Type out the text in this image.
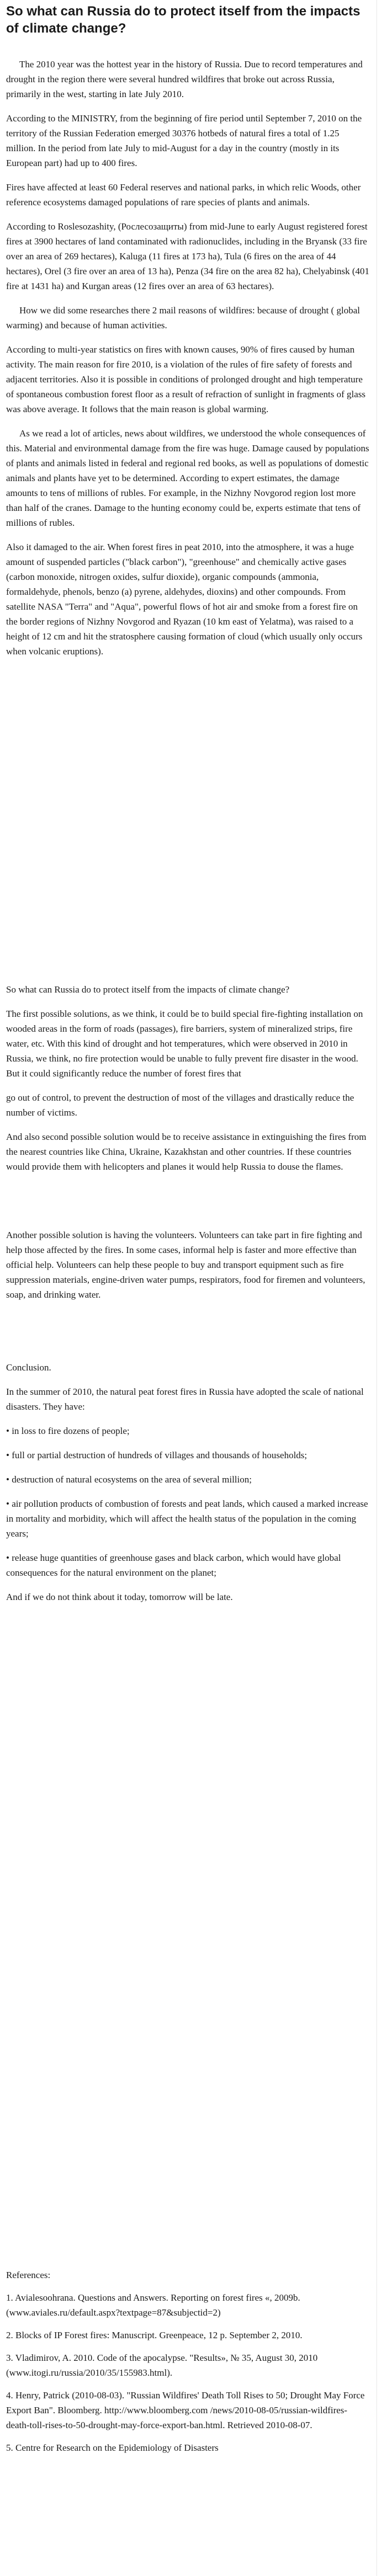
So what can Russia do to protect itself from the impacts of climate change?

The 2010 year was the hottest year in the history of Russia. Due to record temperatures and drought in the region there were several hundred wildfires that broke out across Russia, primarily in the west, starting in late July 2010.

According to the MINISTRY, from the beginning of fire period until September 7, 2010 on the territory of the Russian Federation emerged 30376 hotbeds of natural fires a total of 1.25 million. In the period from late July to mid-August for a day in the country (mostly in its European part) had up to 400 fires.

Fires have affected at least 60 Federal reserves and national parks, in which relic Woods, other reference ecosystems damaged populations of rare species of plants and animals.

According to Roslesozashity, (Рослесозащиты) from mid-June to early August registered forest fires at 3900 hectares of land contaminated with radionuclides, including in the Bryansk (33 fire over an area of 269 hectares), Kaluga (11 fires at 173 ha), Tula (6 fires on the area of 44 hectares), Orel (3 fire over an area of 13 ha), Penza (34 fire on the area 82 ha), Chelyabinsk (401 fire at 1431 ha) and Kurgan areas (12 fires over an area of 63 hectares).

How we did some researches there 2 mail reasons of wildfires: because of drought ( global warming) and because of human activities.

According to multi-year statistics on fires with known causes, 90% of fires caused by human activity. The main reason for fire 2010, is a violation of the rules of fire safety of forests and adjacent territories. Also it is possible in conditions of prolonged drought and high temperature of spontaneous combustion forest floor as a result of refraction of sunlight in fragments of glass was above average. It follows that the main reason is global warming.

As we read a lot of articles, news about wildfires, we understood the whole consequences of this. Material and environmental damage from the fire was huge. Damage caused by populations of plants and animals listed in federal and regional red books, as well as populations of domestic animals and plants have yet to be determined. According to expert estimates, the damage amounts to tens of millions of rubles. For example, in the Nizhny Novgorod region lost more than half of the cranes. Damage to the hunting economy could be, experts estimate that tens of millions of rubles.

Also it damaged to the air. When forest fires in peat 2010, into the atmosphere, it was a huge amount of suspended particles ("black carbon"), "greenhouse" and chemically active gases (carbon monoxide, nitrogen oxides, sulfur dioxide), organic compounds (ammonia, formaldehyde, phenols, benzo (a) pyrene, aldehydes, dioxins) and other compounds. From satellite NASA "Terra" and "Aqua", powerful flows of hot air and smoke from a forest fire on the border regions of Nizhny Novgorod and Ryazan (10 km east of Yelatma), was raised to a height of 12 cm and hit the stratosphere causing formation of cloud (which usually only occurs when volcanic eruptions).

So what can Russia do to protect itself from the impacts of climate change?

The first possible solutions, as we think, it could be to build special fire-fighting installation on wooded areas in the form of roads (passages), fire barriers, system of mineralized strips, fire water, etc. With this kind of drought and hot temperatures, which were observed in 2010 in Russia, we think, no fire protection would be unable to fully prevent fire disaster in the wood. But it could significantly reduce the number of forest fires that

go out of control, to prevent the destruction of most of the villages and drastically reduce the number of victims.

And also second possible solution would be to receive assistance in extinguishing the fires from the nearest countries like China, Ukraine, Kazakhstan and other countries. If these countries would provide them with helicopters and planes it would help Russia to douse the flames.

Another possible solution is having the volunteers. Volunteers can take part in fire fighting and help those affected by the fires. In some cases, informal help is faster and more effective than official help. Volunteers can help these people to buy and transport equipment such as fire suppression materials, engine-driven water pumps, respirators, food for firemen and volunteers, soap, and drinking water.

Conclusion.

In the summer of 2010, the natural peat forest fires in Russia have adopted the scale of national disasters. They have:

• in loss to fire dozens of people;

• full or partial destruction of hundreds of villages and thousands of households;

• destruction of natural ecosystems on the area of several million;

• air pollution products of combustion of forests and peat lands, which caused a marked increase in mortality and morbidity, which will affect the health status of the population in the coming years;

• release huge quantities of greenhouse gases and black carbon, which would have global consequences for the natural environment on the planet;

And if we do not think about it today, tomorrow will be late.

References:

1. Avialesoohrana. Questions and Answers. Reporting on forest fires «, 2009b. (www.aviales.ru/default.aspx?textpage=87&subjectid=2)

2. Blocks of IP Forest fires: Manuscript. Greenpeace, 12 p. September 2, 2010.

3. Vladimirov, A. 2010. Code of the apocalypse. "Results», № 35, August 30, 2010 (www.itogi.ru/russia/2010/35/155983.html).

4. Henry, Patrick (2010-08-03). "Russian Wildfires' Death Toll Rises to 50; Drought May Force Export Ban". Bloomberg. http://www.bloomberg.com /news/2010-08-05/russian-wildfires-death-toll-rises-to-50-drought-may-force-export-ban.html. Retrieved 2010-08-07.

5. Centre for Research on the Epidemiology of Disasters
